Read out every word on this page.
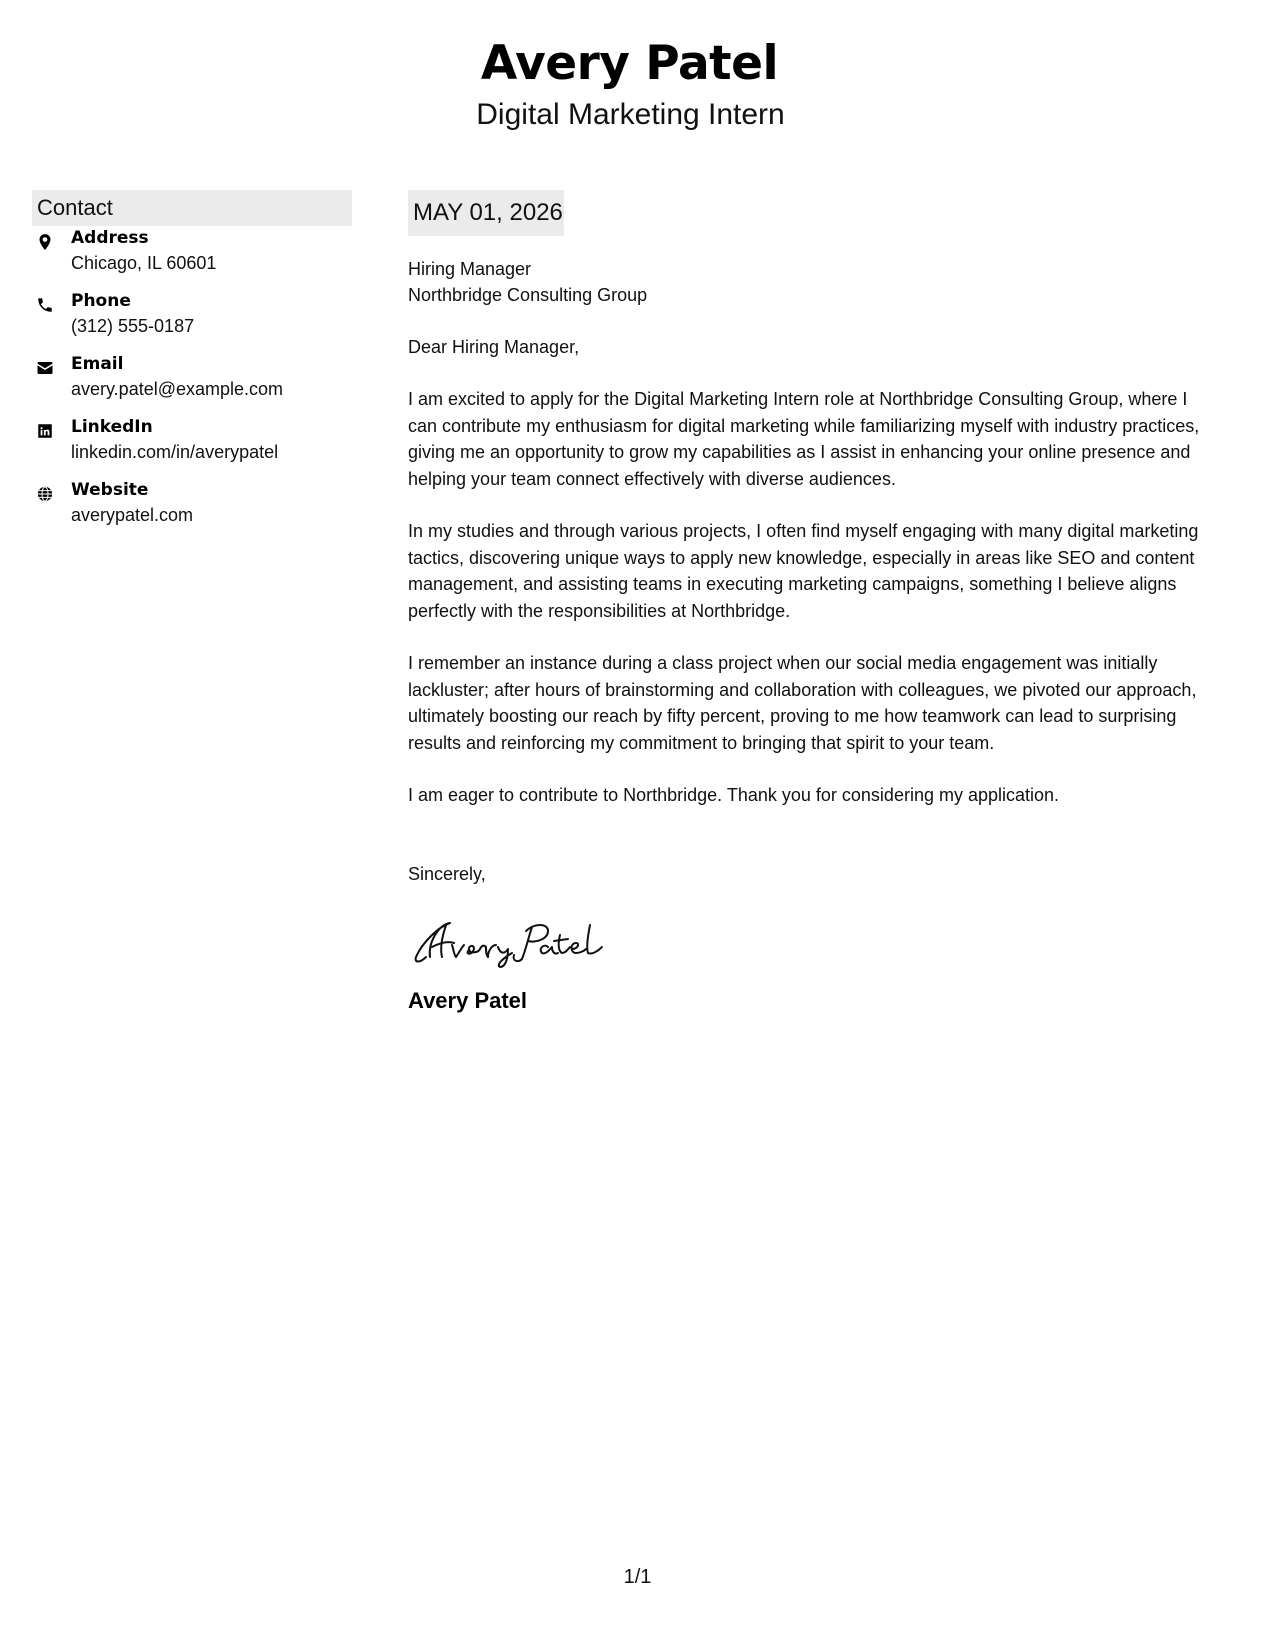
Avery Patel
Digital Marketing Intern
Contact
Address
Chicago, IL 60601
Phone
(312) 555-0187
Email
avery.patel@example.com
LinkedIn
linkedin.com/in/averypatel
Website
averypatel.com
MAY 01, 2026
Hiring Manager
Northbridge Consulting Group
Dear Hiring Manager,
I am excited to apply for the Digital Marketing Intern role at Northbridge Consulting Group, where I
can contribute my enthusiasm for digital marketing while familiarizing myself with industry practices,
giving me an opportunity to grow my capabilities as I assist in enhancing your online presence and
helping your team connect effectively with diverse audiences.
In my studies and through various projects, I often find myself engaging with many digital marketing
tactics, discovering unique ways to apply new knowledge, especially in areas like SEO and content
management, and assisting teams in executing marketing campaigns, something I believe aligns
perfectly with the responsibilities at Northbridge.
I remember an instance during a class project when our social media engagement was initially
lackluster; after hours of brainstorming and collaboration with colleagues, we pivoted our approach,
ultimately boosting our reach by fifty percent, proving to me how teamwork can lead to surprising
results and reinforcing my commitment to bringing that spirit to your team.
I am eager to contribute to Northbridge. Thank you for considering my application.
Sincerely,
Avery Patel
1/1
